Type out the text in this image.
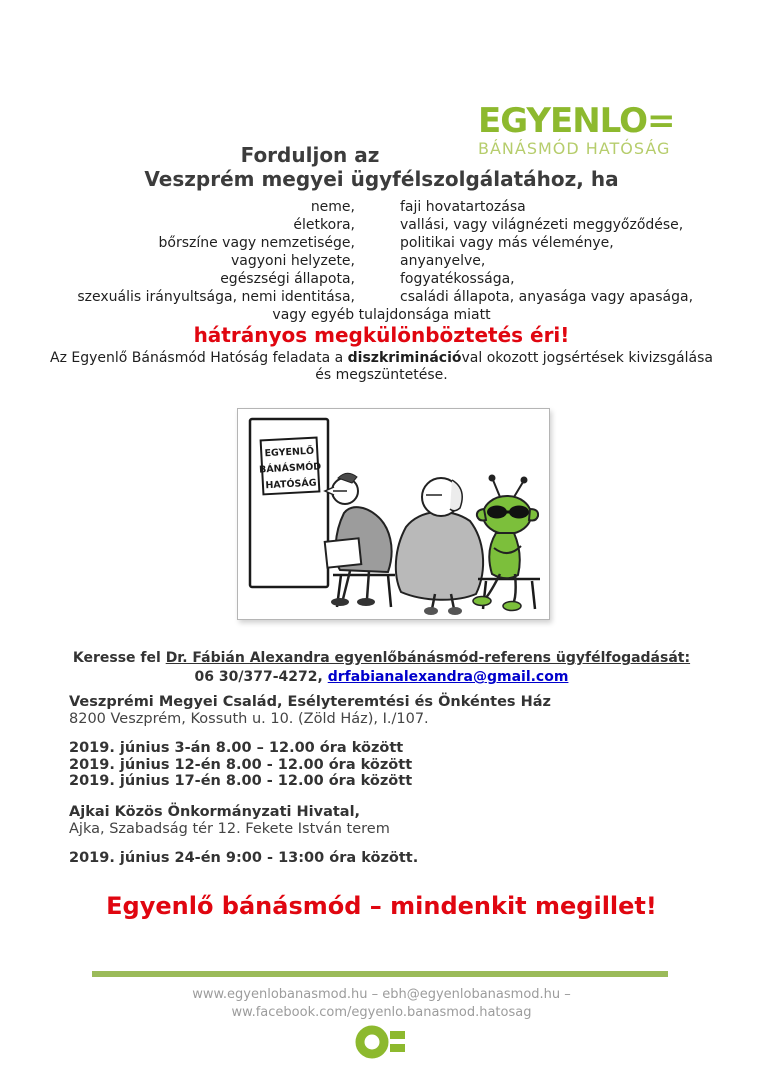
EGYENLO=
BÁNÁSMÓD HATÓSÁG
Forduljon az
Veszprém megyei ügyfélszolgálatához, ha
neme,	faji hovatartozása
életkora,	vallási, vagy világnézeti meggyőződése,
bőrszíne vagy nemzetisége,	politikai vagy más véleménye,
vagyoni helyzete,	anyanyelve,
egészségi állapota,	fogyatékossága,
szexuális irányultsága, nemi identitása,	családi állapota, anyasága vagy apasága,
vagy egyéb tulajdonsága miatt
hátrányos megkülönböztetés éri!
Az Egyenlő Bánásmód Hatóság feladata a diszkriminációval okozott jogsértések kivizsgálása
és megszüntetése.
EGYENLŐ
BÁNÁSMÓD
HATÓSÁG
Keresse fel Dr. Fábián Alexandra egyenlőbánásmód-referens ügyfélfogadását:
06 30/377-4272, drfabianalexandra@gmail.com
Veszprémi Megyei Család, Esélyteremtési és Önkéntes Ház
8200 Veszprém, Kossuth u. 10. (Zöld Ház), I./107.
2019. június 3-án 8.00 – 12.00 óra között
2019. június 12-én 8.00 - 12.00 óra között
2019. június 17-én 8.00 - 12.00 óra között
Ajkai Közös Önkormányzati Hivatal,
Ajka, Szabadság tér 12. Fekete István terem
2019. június 24-én 9:00 - 13:00 óra között.
Egyenlő bánásmód – mindenkit megillet!
www.egyenlobanasmod.hu – ebh@egyenlobanasmod.hu –
ww.facebook.com/egyenlo.banasmod.hatosag
